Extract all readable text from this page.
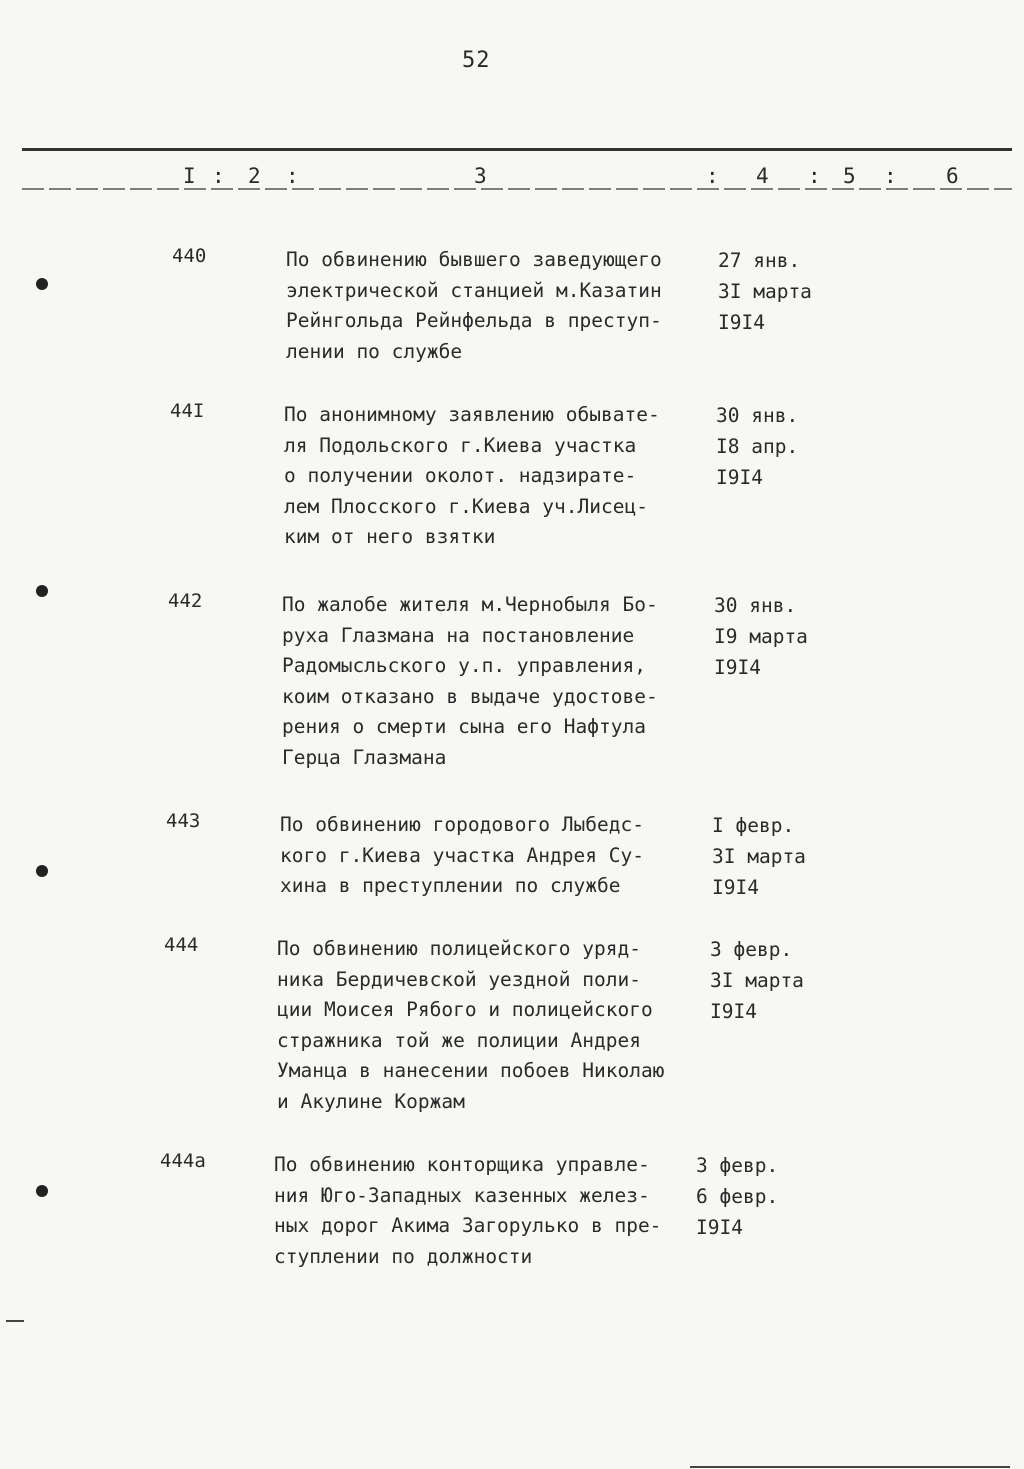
52
I : 2 :	3	: 4 : 5 : 6
440	По обвинению бывшего заведующего
электрической станцией м.Казатин
Рейнгольда Рейнфельда в преступ-
лении по службе
27 янв.
3I марта
I9I4
44I	По анонимному заявлению обывате-
ля Подольского г.Киева участка
о получении околот. надзирате-
лем Плосского г.Киева уч.Лисец-
ким от него взятки
30 янв.
I8 апр.
I9I4
442	По жалобе жителя м.Чернобыля Бо-
руха Глазмана на постановление
Радомысльского у.п. управления,
коим отказано в выдаче удостове-
рения о смерти сына его Нафтула
Герца Глазмана
30 янв.
I9 марта
I9I4
443	По обвинению городового Лыбедс-
кого г.Киева участка Андрея Су-
хина в преступлении по службе
I февр.
3I марта
I9I4
444	По обвинению полицейского уряд-
ника Бердичевской уездной поли-
ции Моисея Рябого и полицейского
стражника той же полиции Андрея
Уманца в нанесении побоев Николаю
и Акулине Коржам
3 февр.
3I марта
I9I4
444а	По обвинению конторщика управле-
ния Юго-Западных казенных желез-
ных дорог Акима Загорулько в пре-
ступлении по должности
3 февр.
6 февр.
I9I4
